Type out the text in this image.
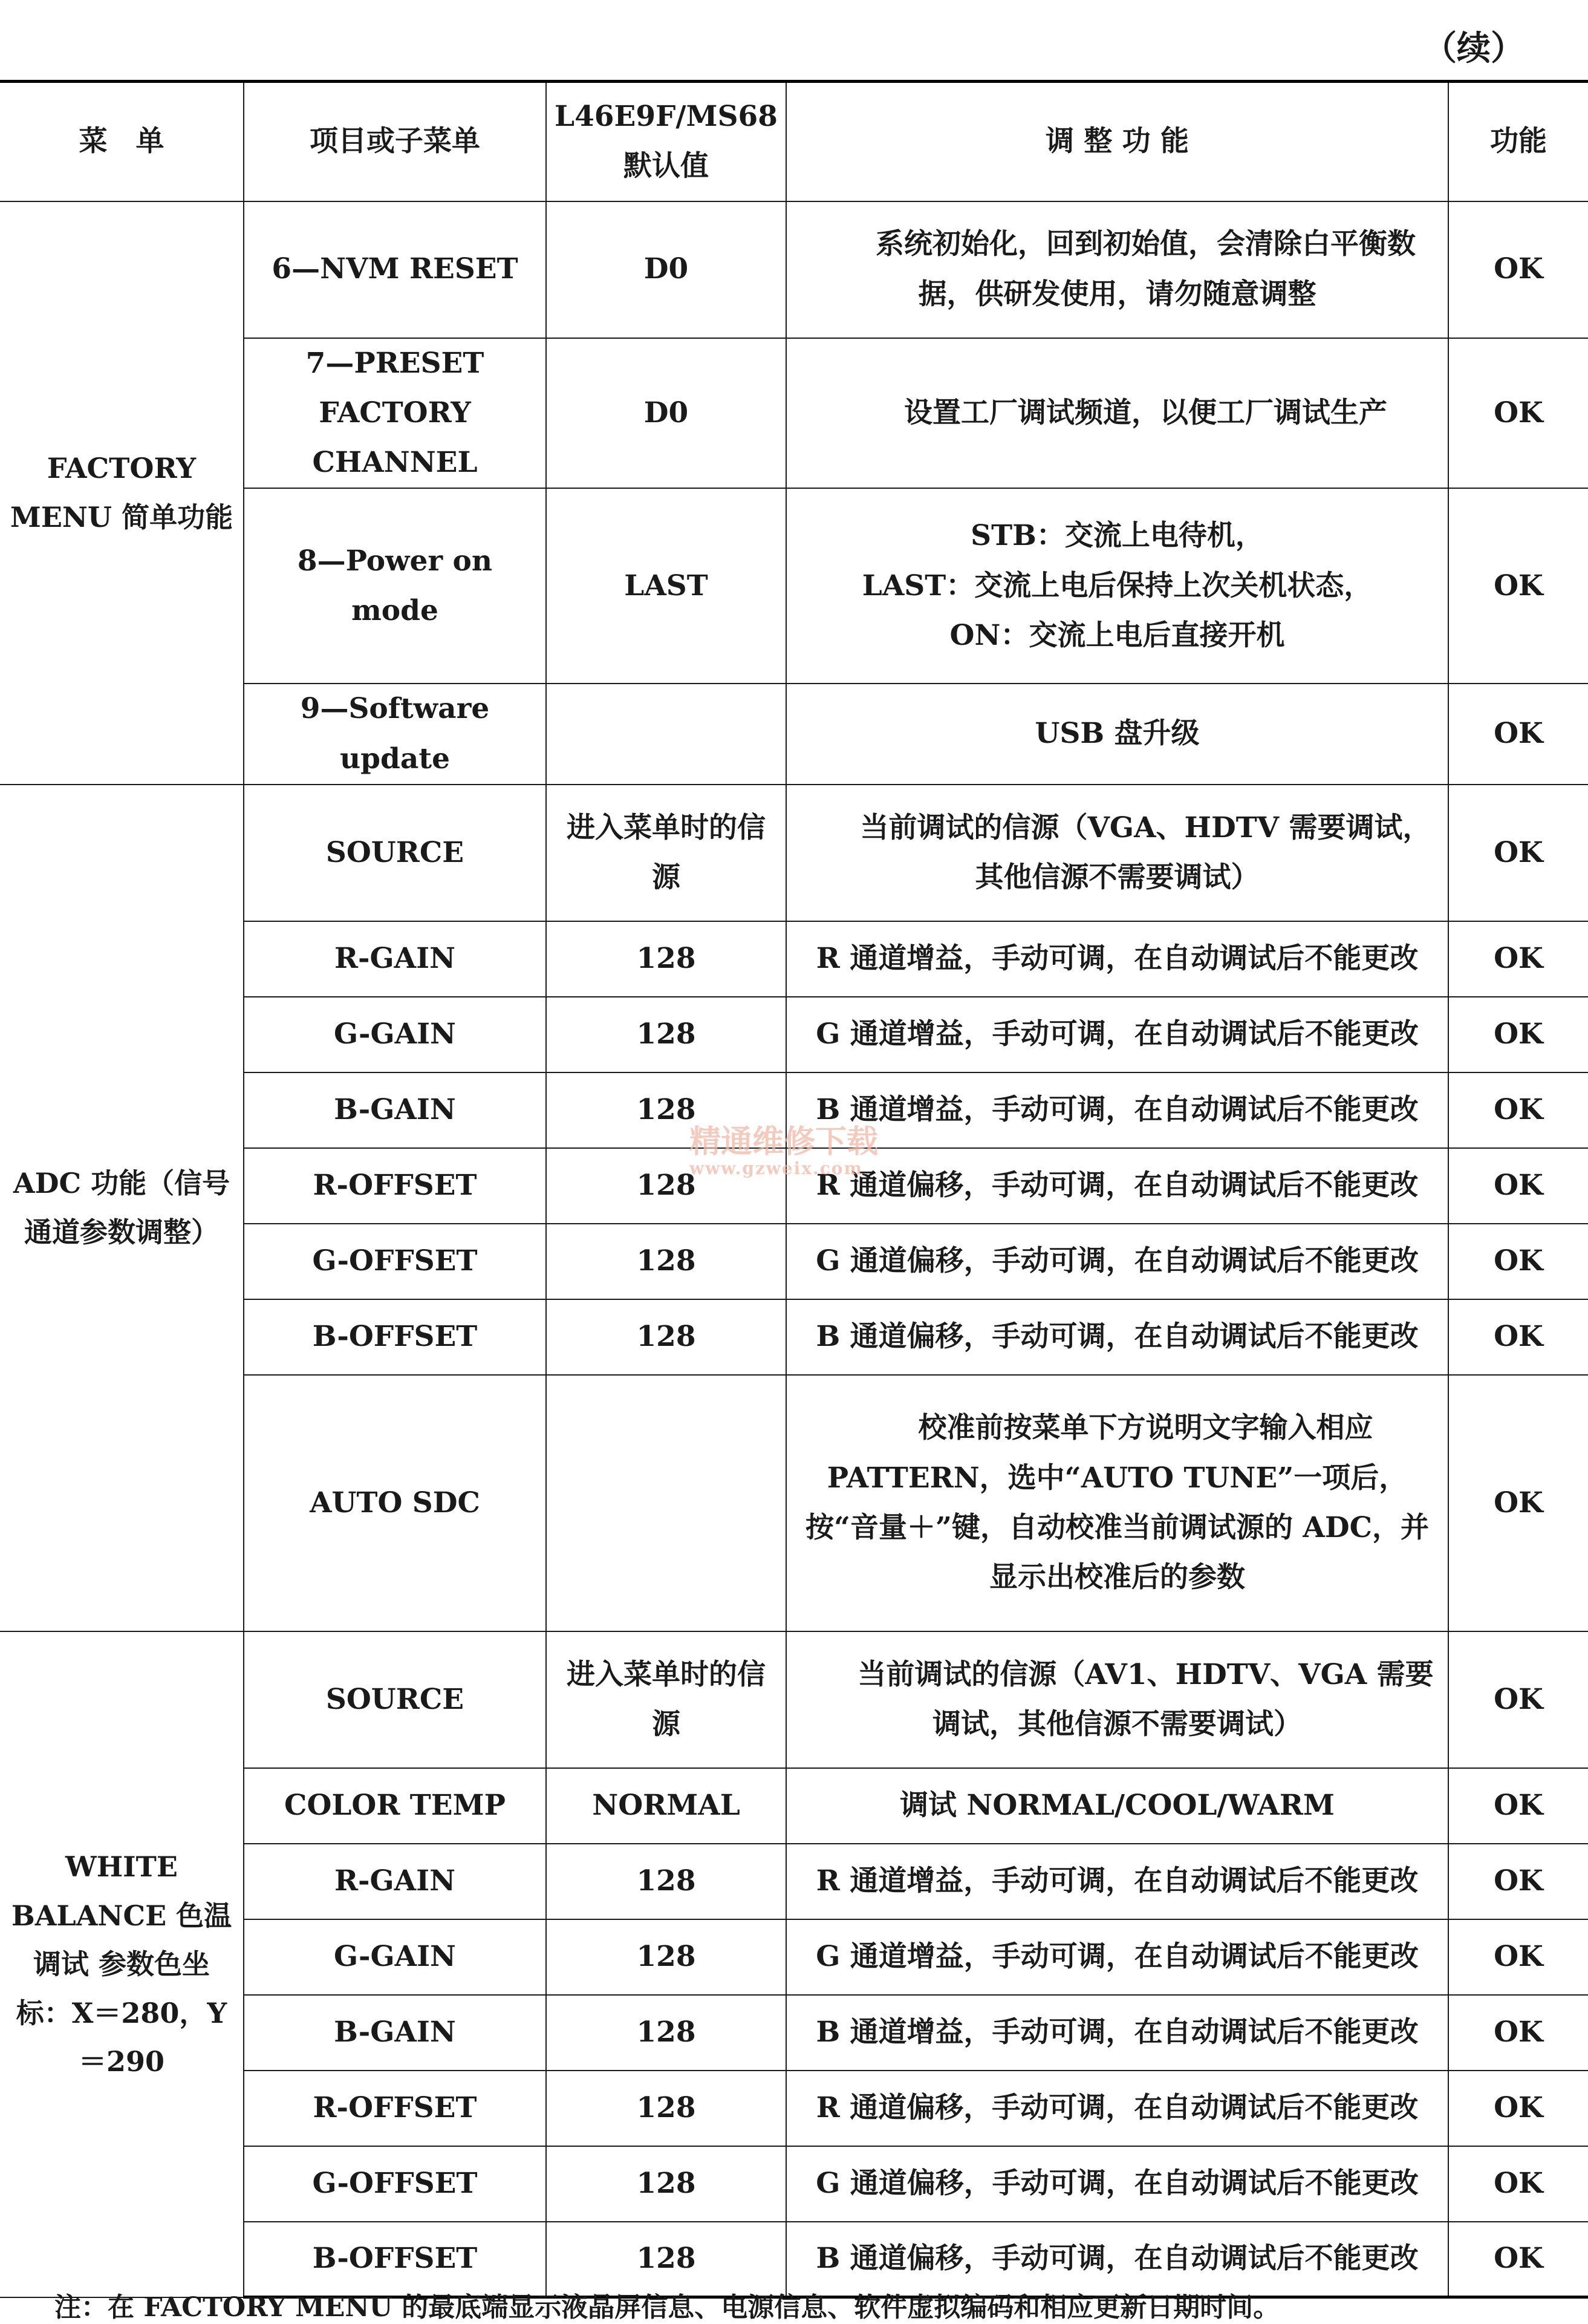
（续）
菜　单	项目或子菜单	L46E9F/MS68 默认值	调 整 功 能	功能
FACTORY MENU 简单功能	6—NVM RESET	D0	系统初始化，回到初始值，会清除白平衡数据，供研发使用，请勿随意调整	OK
	7—PRESET FACTORY CHANNEL	D0	设置工厂调试频道，以便工厂调试生产	OK
	8—Power on mode	LAST	STB：交流上电待机，
LAST：交流上电后保持上次关机状态，
ON：交流上电后直接开机	OK
	9—Software update		USB 盘升级	OK
ADC 功能（信号通道参数调整）	SOURCE	进入菜单时的信源	当前调试的信源（VGA、HDTV 需要调试，其他信源不需要调试）	OK
	R-GAIN	128	R 通道增益，手动可调，在自动调试后不能更改	OK
	G-GAIN	128	G 通道增益，手动可调，在自动调试后不能更改	OK
	B-GAIN	128	B 通道增益，手动可调，在自动调试后不能更改	OK
	R-OFFSET	128	R 通道偏移，手动可调，在自动调试后不能更改	OK
	G-OFFSET	128	G 通道偏移，手动可调，在自动调试后不能更改	OK
	B-OFFSET	128	B 通道偏移，手动可调，在自动调试后不能更改	OK
	AUTO SDC		校准前按菜单下方说明文字输入相应 PATTERN，选中“AUTO TUNE”一项后，按“音量＋”键，自动校准当前调试源的 ADC，并显示出校准后的参数	OK
WHITE BALANCE 色温调试 参数色坐标：X＝280，Y＝290	SOURCE	进入菜单时的信源	当前调试的信源（AV1、HDTV、VGA 需要调试，其他信源不需要调试）	OK
	COLOR TEMP	NORMAL	调试 NORMAL/COOL/WARM	OK
	R-GAIN	128	R 通道增益，手动可调，在自动调试后不能更改	OK
	G-GAIN	128	G 通道增益，手动可调，在自动调试后不能更改	OK
	B-GAIN	128	B 通道增益，手动可调，在自动调试后不能更改	OK
	R-OFFSET	128	R 通道偏移，手动可调，在自动调试后不能更改	OK
	G-OFFSET	128	G 通道偏移，手动可调，在自动调试后不能更改	OK
	B-OFFSET	128	B 通道偏移，手动可调，在自动调试后不能更改	OK
精通维修下载
www.gzweix.com
注：在 FACTORY MENU 的最底端显示液晶屏信息、电源信息、软件虚拟编码和相应更新日期时间。
